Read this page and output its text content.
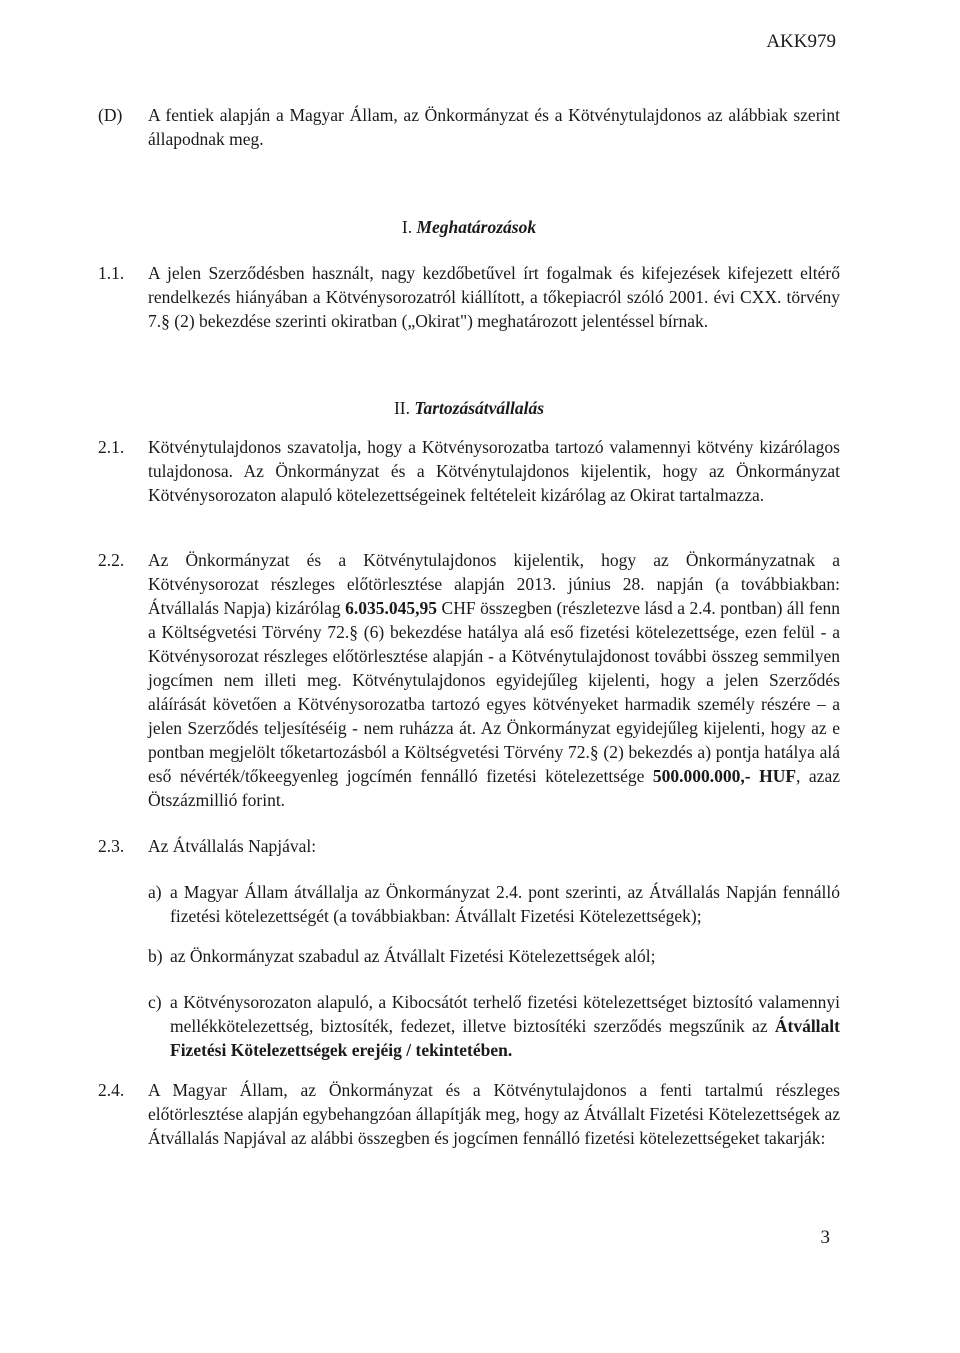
AKK979
(D) A fentiek alapján a Magyar Állam, az Önkormányzat és a Kötvénytulajdonos az alábbiak szerint állapodnak meg.
I. Meghatározások
1.1. A jelen Szerződésben használt, nagy kezdőbetűvel írt fogalmak és kifejezések kifejezett eltérő rendelkezés hiányában a Kötvénysorozatról kiállított, a tőkepiacról szóló 2001. évi CXX. törvény 7.§ (2) bekezdése szerinti okiratban („Okirat") meghatározott jelentéssel bírnak.
II. Tartozásátvállalás
2.1. Kötvénytulajdonos szavatolja, hogy a Kötvénysorozatba tartozó valamennyi kötvény kizárólagos tulajdonosa. Az Önkormányzat és a Kötvénytulajdonos kijelentik, hogy az Önkormányzat Kötvénysorozaton alapuló kötelezettségeinek feltételeit kizárólag az Okirat tartalmazza.
2.2. Az Önkormányzat és a Kötvénytulajdonos kijelentik, hogy az Önkormányzatnak a Kötvénysorozat részleges előtörlesztése alapján 2013. június 28. napján (a továbbiakban: Átvállalás Napja) kizárólag 6.035.045,95 CHF összegben (részletezve lásd a 2.4. pontban) áll fenn a Költségvetési Törvény 72.§ (6) bekezdése hatálya alá eső fizetési kötelezettsége, ezen felül - a Kötvénysorozat részleges előtörlesztése alapján - a Kötvénytulajdonost további összeg semmilyen jogcímen nem illeti meg. Kötvénytulajdonos egyidejűleg kijelenti, hogy a jelen Szerződés aláírását követően a Kötvénysorozatba tartozó egyes kötvényeket harmadik személy részére – a jelen Szerződés teljesítéséig - nem ruházza át. Az Önkormányzat egyidejűleg kijelenti, hogy az e pontban megjelölt tőketartozásból a Költségvetési Törvény 72.§ (2) bekezdés a) pontja hatálya alá eső névérték/tőkeegyenleg jogcímén fennálló fizetési kötelezettsége 500.000.000,- HUF, azaz Ötszázmillió forint.
2.3. Az Átvállalás Napjával:
a) a Magyar Állam átvállalja az Önkormányzat 2.4. pont szerinti, az Átvállalás Napján fennálló fizetési kötelezettségét (a továbbiakban: Átvállalt Fizetési Kötelezettségek);
b) az Önkormányzat szabadul az Átvállalt Fizetési Kötelezettségek alól;
c) a Kötvénysorozaton alapuló, a Kibocsátót terhelő fizetési kötelezettséget biztosító valamennyi mellékkötelezettség, biztosíték, fedezet, illetve biztosítéki szerződés megszűnik az Átvállalt Fizetési Kötelezettségek erejéig / tekintetében.
2.4. A Magyar Állam, az Önkormányzat és a Kötvénytulajdonos a fenti tartalmú részleges előtörlesztése alapján egybehangzóan állapítják meg, hogy az Átvállalt Fizetési Kötelezettségek az Átvállalás Napjával az alábbi összegben és jogcímen fennálló fizetési kötelezettségeket takarják:
3
